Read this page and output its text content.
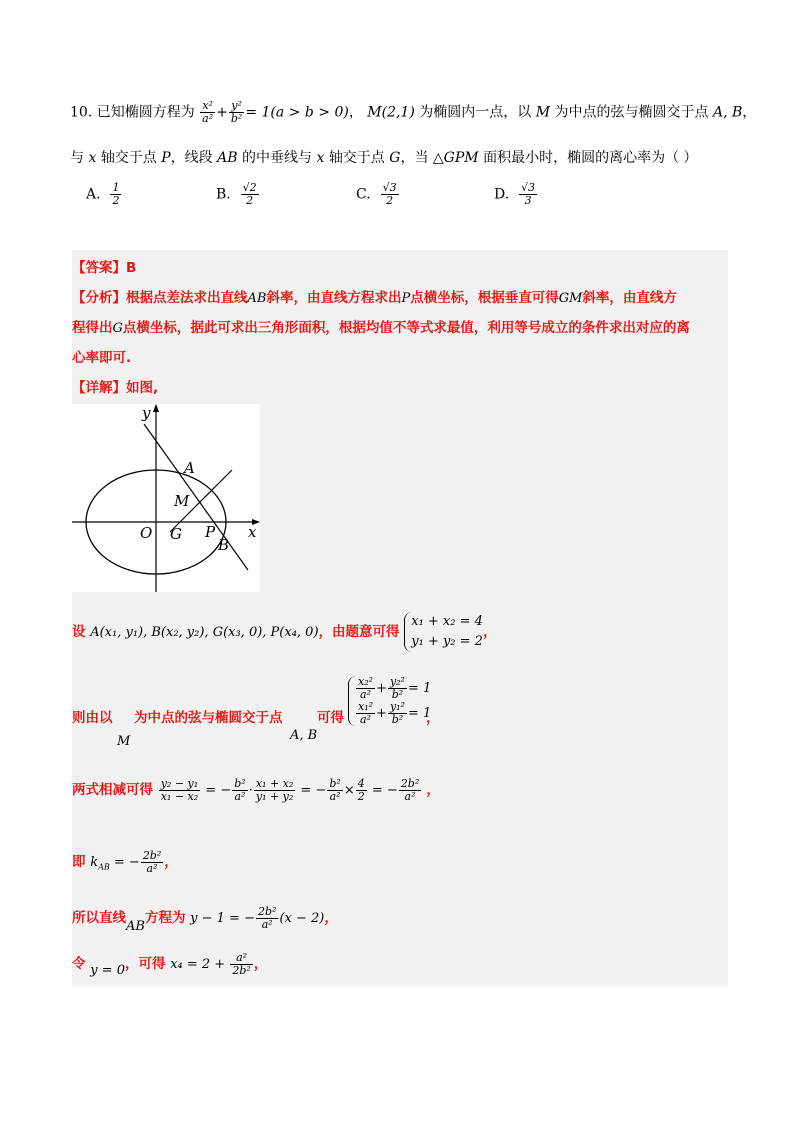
10. 已知椭圆方程为 $\frac{\text{x²}}{\text{a²}} + \frac{\text{y²}}{\text{b²}} = 1(a > b > 0)$， M(2,1) 为椭圆内一点，以 M 为中点的弦与椭圆交于点 A, B，
与 x 轴交于点 P，线段 AB 的中垂线与 x 轴交于点 G，当 △GPM 面积最小时，椭圆的离心率为（ ）
A. $\frac{1}{2}$	B. $\frac{√2}{2}$	C. $\frac{√3}{2}$	D. $\frac{√3}{3}$
【答案】B
【分析】根据点差法求出直线AB斜率，由直线方程求出P点横坐标，根据垂直可得GM斜率，由直线方
程得出G点横坐标，据此可求出三角形面积，根据均值不等式求最值，利用等号成立的条件求出对应的离
心率即可.
【详解】如图,
y
x
O G P
A
M
B
设 A(x₁, y₁), B(x₂, y₂), G(x₃, 0), P(x₄, 0)，由题意可得
x₁ + x₂ = 4
y₁ + y₂ = 2
，
则由以
M
为中点的弦与椭圆交于点
A, B
可得
$\frac{\text{x₂²}}{\text{a²}} + \frac{\text{y₂²}}{\text{b²}} = 1$
$\frac{\text{x₁²}}{\text{a²}} + \frac{\text{y₁²}}{\text{b²}} = 1$
，
两式相减可得 $\frac{\text{y₂ − y₁}}{\text{x₁ − x₂}}$ = − $\frac{\text{b²}}{\text{a²}} \cdot \frac{\text{x₁ + x₂}}{\text{y₁ + y₂}}$ = − $\frac{\text{b²}}{\text{a²}} \times \frac{4}{2}$ = − $\frac{\text{2b²}}{\text{a²}}$ ，
即 $k_{AB}$ = − $\frac{\text{2b²}}{\text{a²}}$ ，
所以直线AB方程为 y − 1 = − $\frac{\text{2b²}}{\text{a²}} (x - 2)$，
令 y = 0，可得 $x_4 = 2 + \frac{\text{a²}}{\text{2b²}}$ ，
